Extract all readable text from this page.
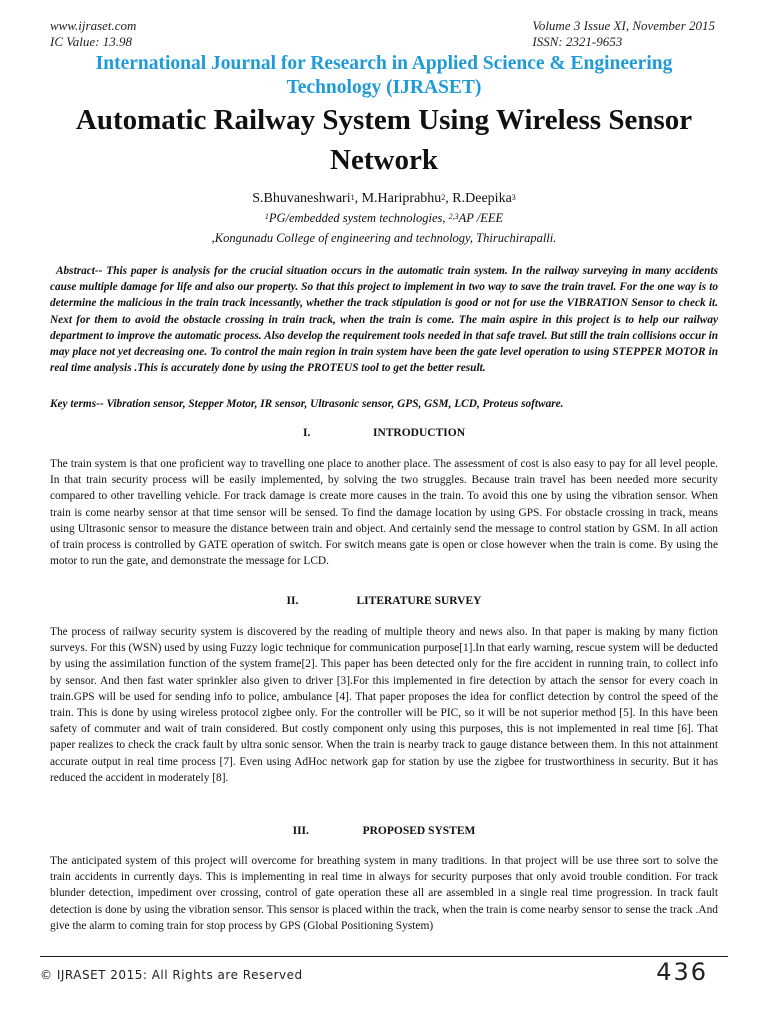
www.ijraset.com
IC Value: 13.98
Volume 3 Issue XI, November 2015
ISSN: 2321-9653
International Journal for Research in Applied Science & Engineering Technology (IJRASET)
Automatic Railway System Using Wireless Sensor Network
S.Bhuvaneshwari$^1$, M.Hariprabhu$^2$, R.Deepika$^3$
$^1$PG/embedded system technologies, $^{2,3}$AP /EEE
,Kongunadu College of engineering and technology, Thiruchirapalli.

Abstract-- This paper is analysis for the crucial situation occurs in the automatic train system. In the railway surveying in many accidents cause multiple damage for life and also our property. So that this project to implement in two way to save the train travel. For the one way is to determine the malicious in the train track incessantly, whether the track stipulation is good or not for use the VIBRATION Sensor to check it. Next for them to avoid the obstacle crossing in train track, when the train is come. The main aspire in this project is to help our railway department to improve the automatic process. Also develop the requirement tools needed in that safe travel. But still the train collisions occur in may place not yet decreasing one. To control the main region in train system have been the gate level operation to using STEPPER MOTOR in real time analysis .This is accurately done by using the PROTEUS tool to get the better result.

Key terms-- Vibration sensor, Stepper Motor, IR sensor, Ultrasonic sensor, GPS, GSM, LCD, Proteus software.
I.	INTRODUCTION

The train system is that one proficient way to travelling one place to another place. The assessment of cost is also easy to pay for all level people. In that train security process will be easily implemented, by solving the two struggles. Because train travel has been needed more security compared to other travelling vehicle. For track damage is create more causes in the train. To avoid this one by using the vibration sensor. When train is come nearby sensor at that time sensor will be sensed. To find the damage location by using GPS. For obstacle crossing in track, means using Ultrasonic sensor to measure the distance between train and object. And certainly send the message to control station by GSM. In all action of train process is controlled by GATE operation of switch. For switch means gate is open or close however when the train is come. By using the motor to run the gate, and demonstrate the message for LCD.

II.	LITERATURE SURVEY

The process of railway security system is discovered by the reading of multiple theory and news also. In that paper is making by many fiction surveys. For this (WSN) used by using Fuzzy logic technique for communication purpose[1].In that early warning, rescue system will be deducted by using the assimilation function of the system frame[2]. This paper has been detected only for the fire accident in running train, to collect info by sensor. And then fast water sprinkler also given to driver [3].For this implemented in fire detection by attach the sensor for every coach in train.GPS will be used for sending info to police, ambulance [4]. That paper proposes the idea for conflict detection by control the speed of the train. This is done by using wireless protocol zigbee only. For the controller will be PIC, so it will be not superior method [5]. In this have been safety of commuter and wait of train considered. But costly component only using this purposes, this is not implemented in real time [6]. That paper realizes to check the crack fault by ultra sonic sensor. When the train is nearby track to gauge distance between them. In this not attainment accurate output in real time process [7]. Even using AdHoc network gap for station by use the zigbee for trustworthiness in security. But it has reduced the accident in moderately [8].

III.	PROPOSED SYSTEM

The anticipated system of this project will overcome for breathing system in many traditions. In that project will be use three sort to solve the train accidents in currently days. This is implementing in real time in always for security purposes that only avoid trouble condition. For track blunder detection, impediment over crossing, control of gate operation these all are assembled in a single real time progression. In track fault detection is done by using the vibration sensor. This sensor is placed within the track, when the train is come nearby sensor to sense the track .And give the alarm to coming train for stop process by GPS (Global Positioning System)

© IJRASET 2015: All Rights are Reserved	436
